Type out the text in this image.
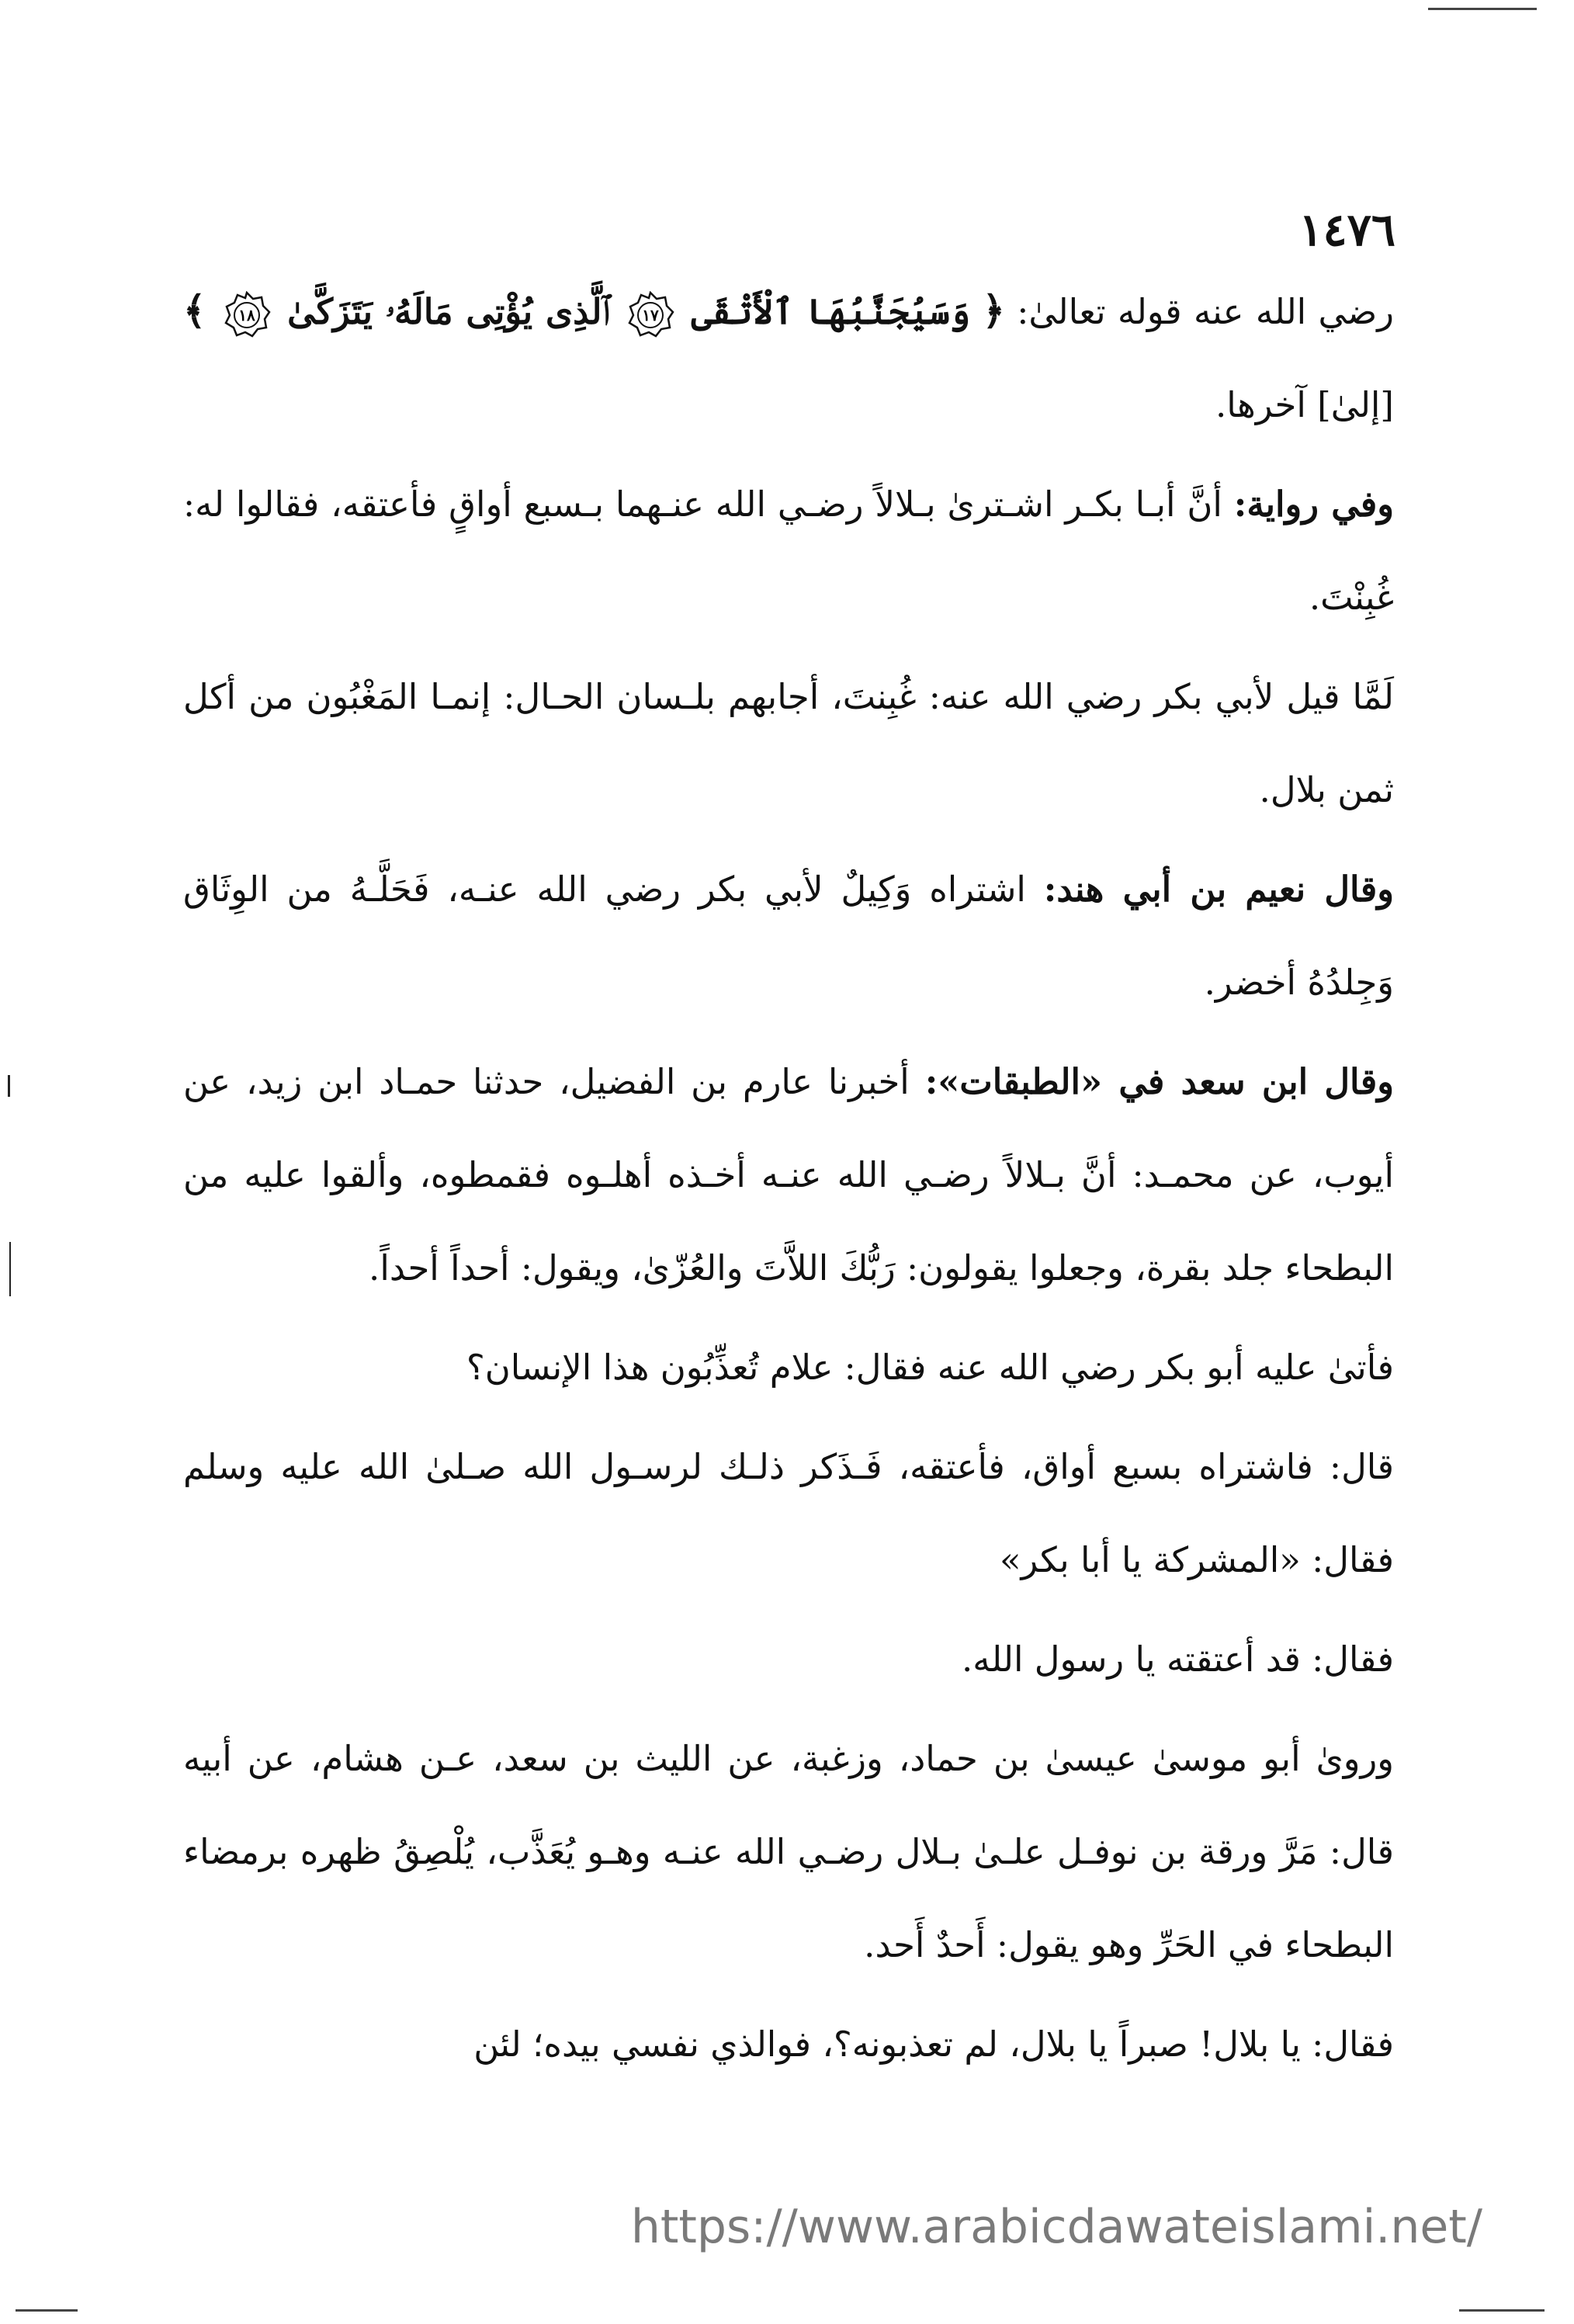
١٤٧٦

رضي الله عنه قوله تعالىٰ: ﴿ وَسَيُجَنَّبُهَا ٱلْأَتْقَى
١٧
ٱلَّذِى يُؤْتِى مَالَهُۥ يَتَزَكَّىٰ
١٨
﴾ [إلىٰ] آخرها.

وفي رواية: أنَّ أبـا بكـر اشـترىٰ بـلالاً رضـي الله عنـهما بـسبع أواقٍ فأعتقه، فقالوا له: غُبِنْتَ.

لَمَّا قيل لأبي بكر رضي الله عنه: غُبِنتَ، أجابهم بلـسان الحـال: إنمـا المَغْبُون من أكل ثمن بلال.

وقال نعيم بن أبي هند: اشتراه وَكِيلٌ لأبي بكر رضي الله عنـه، فَحَلَّـهُ من الوِثَاق وَجِلدُهُ أخضر.

وقال ابن سعد في «الطبقات»: أخبرنا عارم بن الفضيل، حدثنا حمـاد ابن زيد، عن أيوب، عن محمـد: أنَّ بـلالاً رضـي الله عنـه أخـذه أهلـوه فقمطوه، وألقوا عليه من البطحاء جلد بقرة، وجعلوا يقولون: رَبُّكَ اللاَّتَ والعُزّىٰ، ويقول: أحداً أحداً.

فأتىٰ عليه أبو بكر رضي الله عنه فقال: علام تُعذِّبُون هذا الإنسان؟

قال: فاشتراه بسبع أواق، فأعتقه، فَـذَكر ذلـك لرسـول الله صـلىٰ الله عليه وسلم فقال: «المشركة يا أبا بكر»

فقال: قد أعتقته يا رسول الله.

وروىٰ أبو موسىٰ عيسىٰ بن حماد، وزغبة، عن الليث بن سعد، عـن هشام، عن أبيه قال: مَرَّ ورقة بن نوفـل علـىٰ بـلال رضـي الله عنـه وهـو يُعَذَّب، يُلْصِقُ ظهره برمضاء البطحاء في الحَرِّ وهو يقول: أَحدٌ أَحد.

فقال: يا بلال! صبراً يا بلال، لم تعذبونه؟، فوالذي نفسي بيده؛ لئن

https://www.arabicdawateislami.net/
